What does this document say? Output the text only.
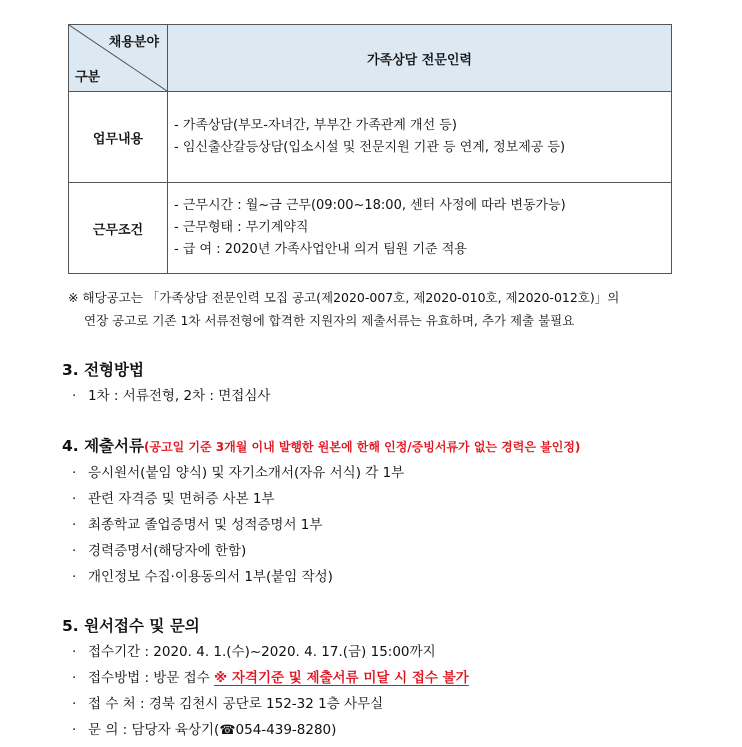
채용분야
구분	가족상담 전문인력
업무내용	- 가족상담(부모-자녀간, 부부간 가족관계 개선 등)
- 임신출산갈등상담(입소시설 및 전문지원 기관 등 연계, 정보제공 등)

근무조건	- 근무시간 : 월~금 근무(09:00~18:00, 센터 사정에 따라 변동가능)
- 근무형태 : 무기계약직
- 급 여 : 2020년 가족사업안내 의거 팀원 기준 적용
※ 해당공고는 「가족상담 전문인력 모집 공고(제2020-007호, 제2020-010호, 제2020-012호)」의
연장 공고로 기존 1차 서류전형에 합격한 지원자의 제출서류는 유효하며, 추가 제출 불필요
3. 전형방법
· 1차 : 서류전형, 2차 : 면접심사
4. 제출서류(공고일 기준 3개월 이내 발행한 원본에 한해 인정/증빙서류가 없는 경력은 불인정)
· 응시원서(붙임 양식) 및 자기소개서(자유 서식) 각 1부
· 관련 자격증 및 면허증 사본 1부
· 최종학교 졸업증명서 및 성적증명서 1부
· 경력증명서(해당자에 한함)
· 개인정보 수집·이용동의서 1부(붙임 작성)
5. 원서접수 및 문의
· 접수기간 : 2020. 4. 1.(수)~2020. 4. 17.(금) 15:00까지
· 접수방법 : 방문 접수 ※ 자격기준 및 제출서류 미달 시 접수 불가
· 접 수 처 : 경북 김천시 공단로 152-32 1층 사무실
· 문 의 : 담당자 육상기(☎054-439-8280)
